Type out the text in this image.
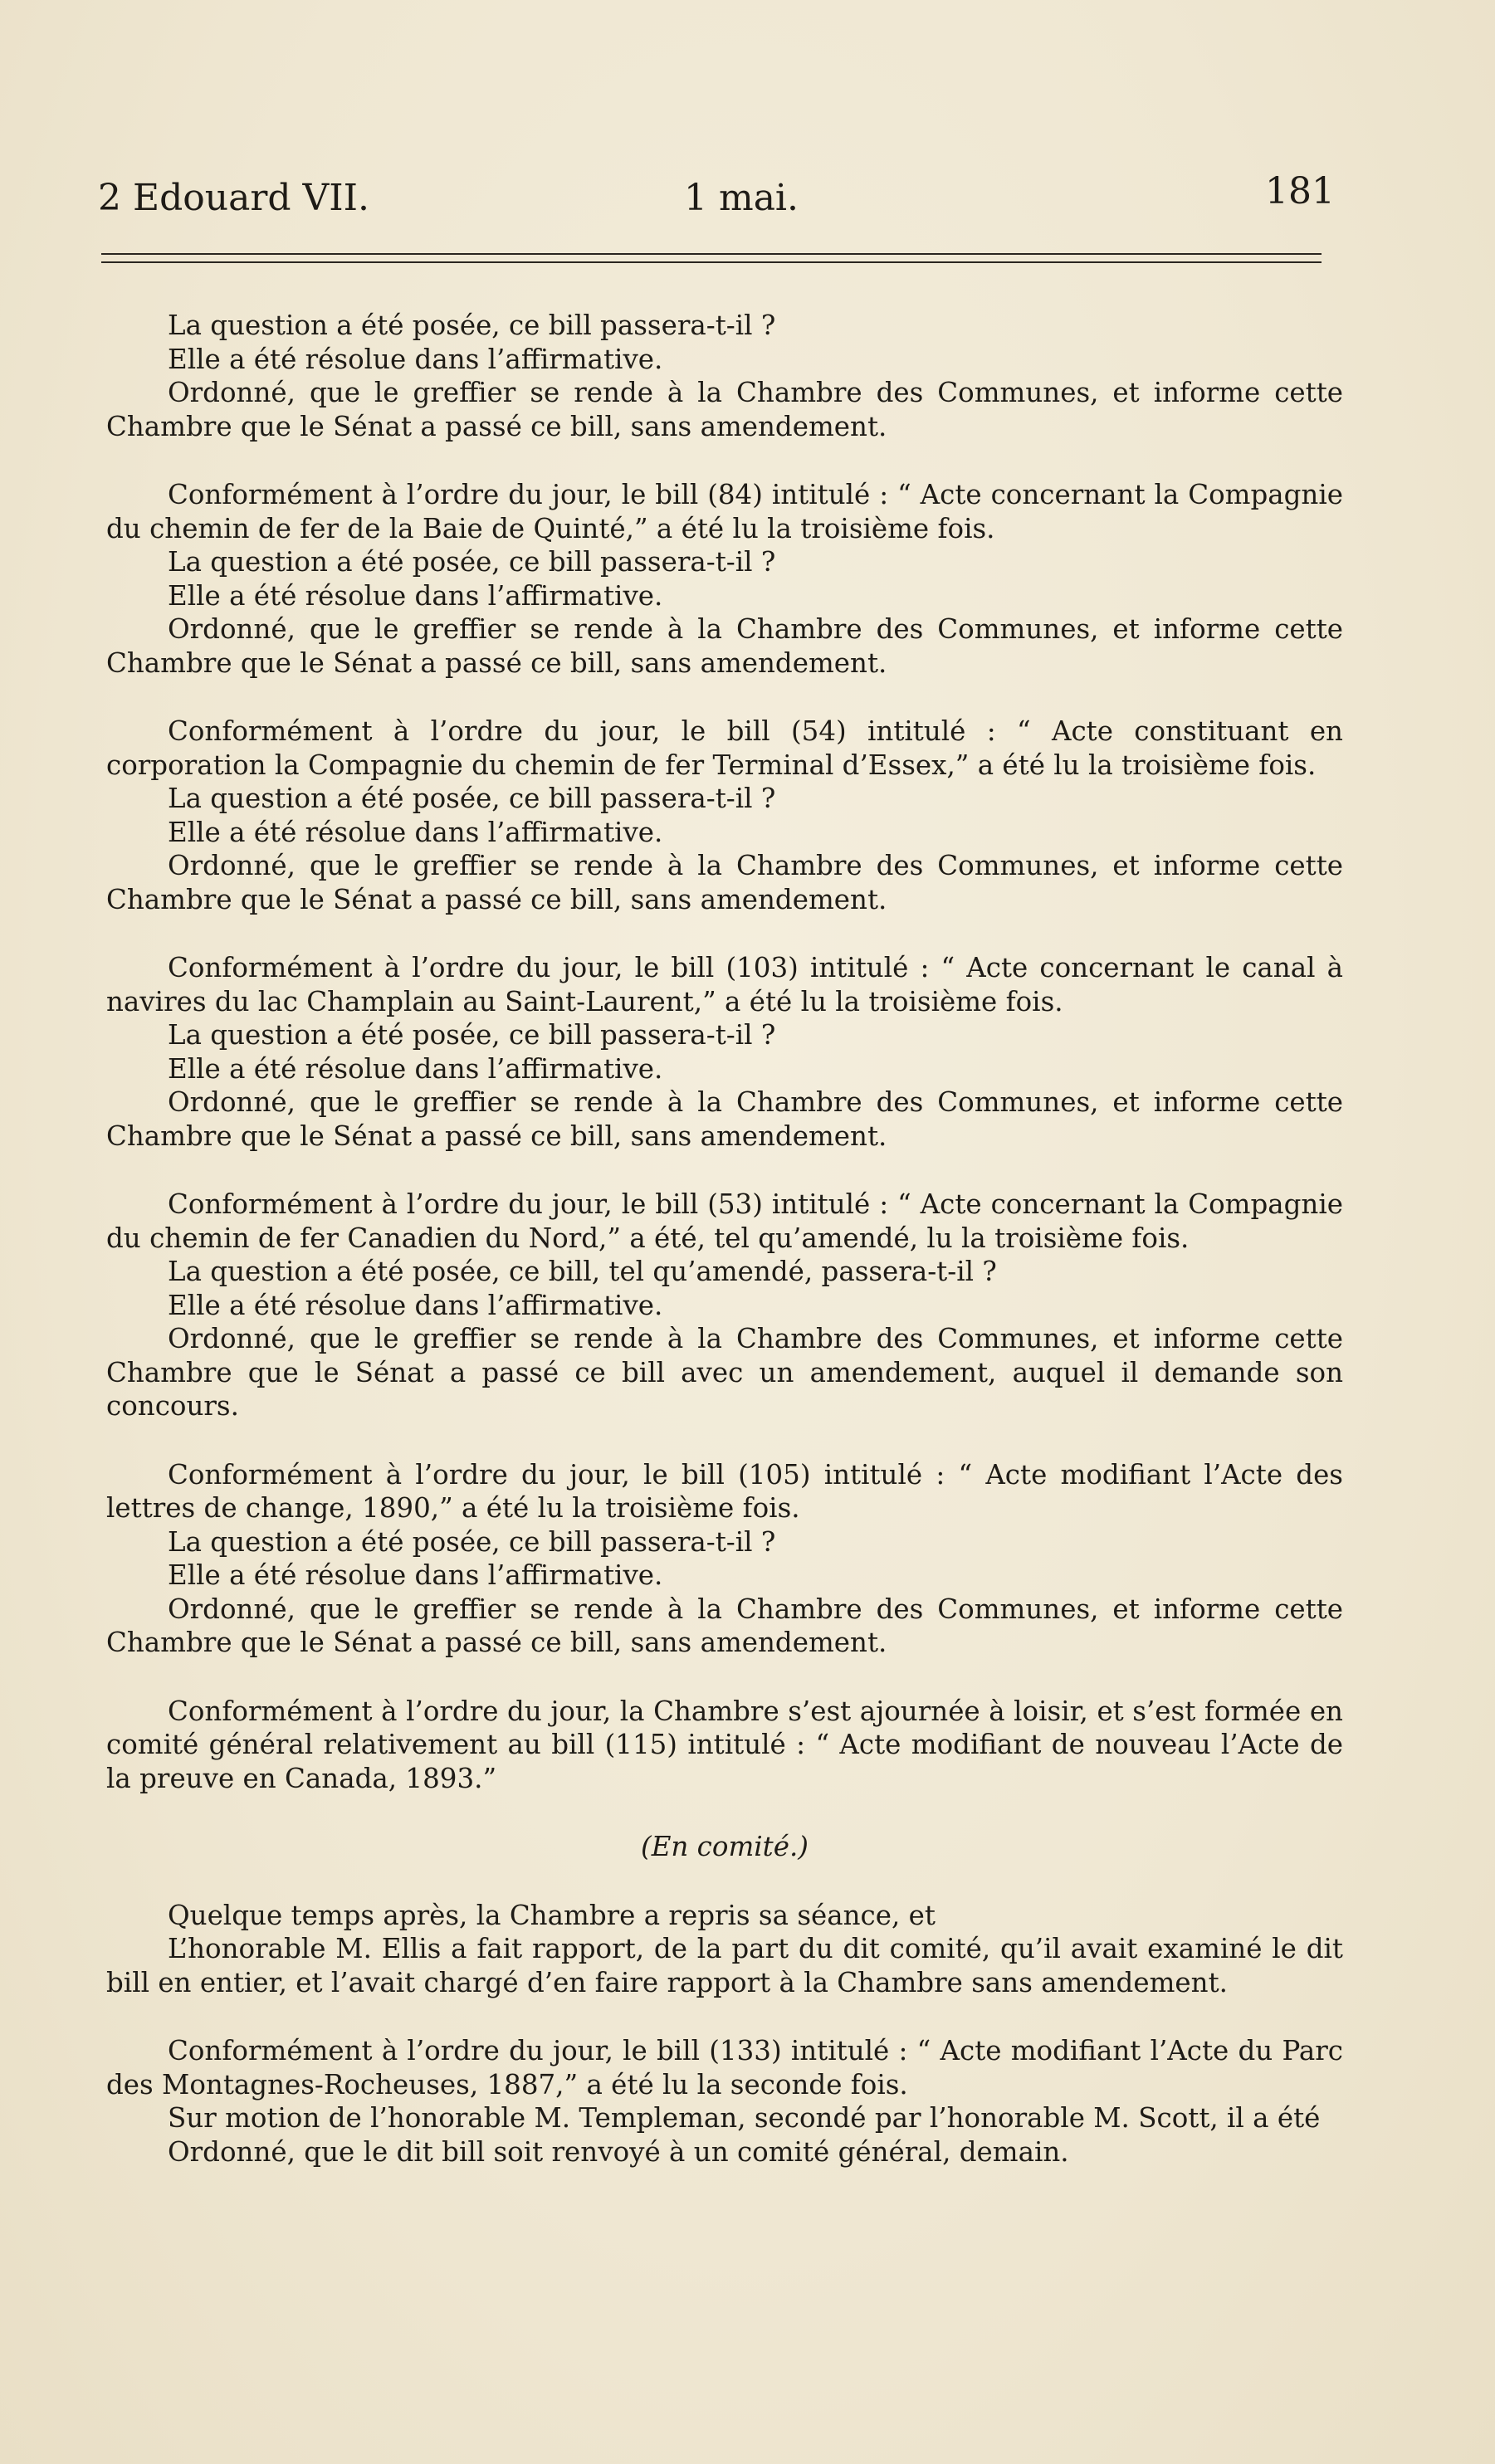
2 Edouard VII.	1 mai.	181

La question a été posée, ce bill passera-t-il ?

Elle a été résolue dans l’affirmative.

Ordonné, que le greffier se rende à la Chambre des Communes, et informe cette Chambre que le Sénat a passé ce bill, sans amendement.

Conformément à l’ordre du jour, le bill (84) intitulé : “ Acte concernant la Compagnie du chemin de fer de la Baie de Quinté,” a été lu la troisième fois.

La question a été posée, ce bill passera-t-il ?

Elle a été résolue dans l’affirmative.

Ordonné, que le greffier se rende à la Chambre des Communes, et informe cette Chambre que le Sénat a passé ce bill, sans amendement.

Conformément à l’ordre du jour, le bill (54) intitulé : “ Acte constituant en corporation la Compagnie du chemin de fer Terminal d’Essex,” a été lu la troisième fois.

La question a été posée, ce bill passera-t-il ?

Elle a été résolue dans l’affirmative.

Ordonné, que le greffier se rende à la Chambre des Communes, et informe cette Chambre que le Sénat a passé ce bill, sans amendement.

Conformément à l’ordre du jour, le bill (103) intitulé : “ Acte concernant le canal à navires du lac Champlain au Saint-Laurent,” a été lu la troisième fois.

La question a été posée, ce bill passera-t-il ?

Elle a été résolue dans l’affirmative.

Ordonné, que le greffier se rende à la Chambre des Communes, et informe cette Chambre que le Sénat a passé ce bill, sans amendement.

Conformément à l’ordre du jour, le bill (53) intitulé : “ Acte concernant la Compagnie du chemin de fer Canadien du Nord,” a été, tel qu’amendé, lu la troisième fois.

La question a été posée, ce bill, tel qu’amendé, passera-t-il ?

Elle a été résolue dans l’affirmative.

Ordonné, que le greffier se rende à la Chambre des Communes, et informe cette Chambre que le Sénat a passé ce bill avec un amendement, auquel il demande son concours.

Conformément à l’ordre du jour, le bill (105) intitulé : “ Acte modifiant l’Acte des lettres de change, 1890,” a été lu la troisième fois.

La question a été posée, ce bill passera-t-il ?

Elle a été résolue dans l’affirmative.

Ordonné, que le greffier se rende à la Chambre des Communes, et informe cette Chambre que le Sénat a passé ce bill, sans amendement.

Conformément à l’ordre du jour, la Chambre s’est ajournée à loisir, et s’est formée en comité général relativement au bill (115) intitulé : “ Acte modifiant de nouveau l’Acte de la preuve en Canada, 1893.”

(En comité.)

Quelque temps après, la Chambre a repris sa séance, et

L’honorable M. Ellis a fait rapport, de la part du dit comité, qu’il avait examiné le dit bill en entier, et l’avait chargé d’en faire rapport à la Chambre sans amendement.

Conformément à l’ordre du jour, le bill (133) intitulé : “ Acte modifiant l’Acte du Parc des Montagnes-Rocheuses, 1887,” a été lu la seconde fois.

Sur motion de l’honorable M. Templeman, secondé par l’honorable M. Scott, il a été

Ordonné, que le dit bill soit renvoyé à un comité général, demain.
